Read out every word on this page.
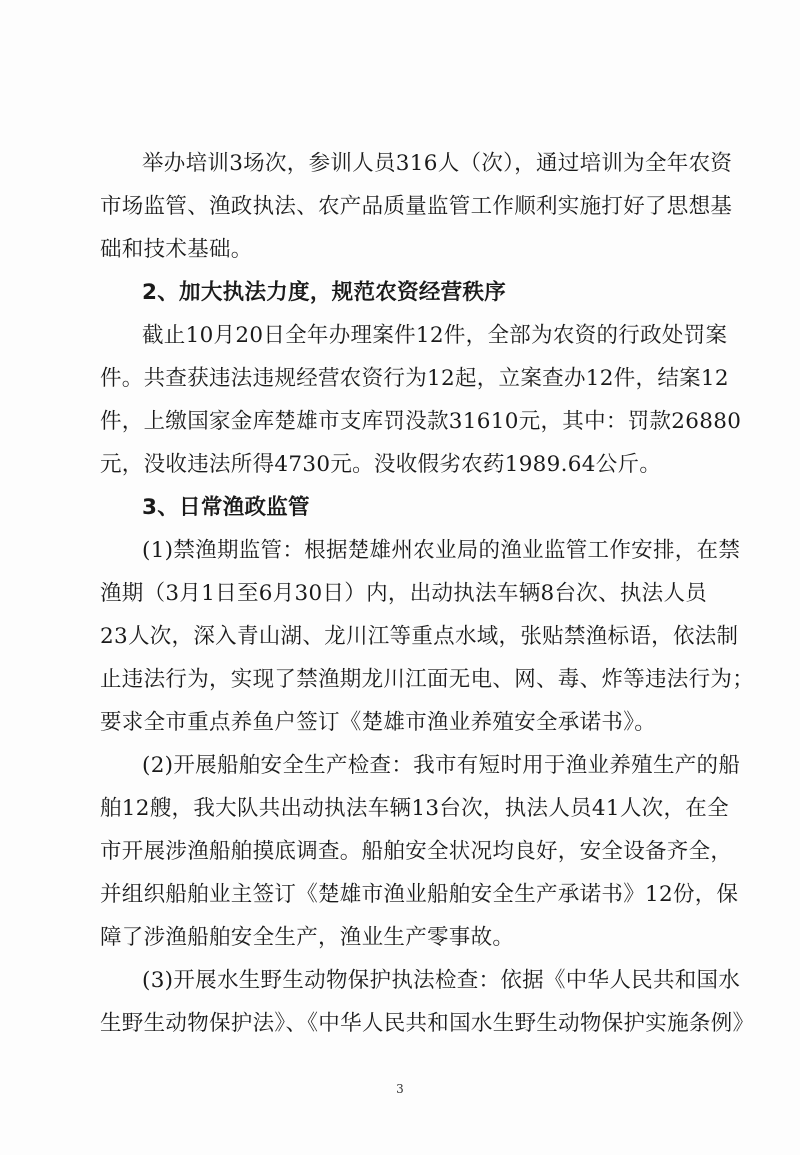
举办培训3场次，参训人员316人（次），通过培训为全年农资
市场监管、渔政执法、农产品质量监管工作顺利实施打好了思想基
础和技术基础。
2、加大执法力度，规范农资经营秩序
截止10月20日全年办理案件12件，全部为农资的行政处罚案
件。共查获违法违规经营农资行为12起，立案查办12件，结案12
件，上缴国家金库楚雄市支库罚没款31610元，其中：罚款26880
元，没收违法所得4730元。没收假劣农药1989.64公斤。
3、日常渔政监管
(1)禁渔期监管：根据楚雄州农业局的渔业监管工作安排，在禁
渔期（3月1日至6月30日）内，出动执法车辆8台次、执法人员
23人次，深入青山湖、龙川江等重点水域，张贴禁渔标语，依法制
止违法行为，实现了禁渔期龙川江面无电、网、毒、炸等违法行为；
要求全市重点养鱼户签订《楚雄市渔业养殖安全承诺书》。
(2)开展船舶安全生产检查：我市有短时用于渔业养殖生产的船
舶12艘，我大队共出动执法车辆13台次，执法人员41人次，在全
市开展涉渔船舶摸底调查。船舶安全状况均良好，安全设备齐全，
并组织船舶业主签订《楚雄市渔业船舶安全生产承诺书》12份，保
障了涉渔船舶安全生产，渔业生产零事故。
(3)开展水生野生动物保护执法检查：依据《中华人民共和国水
生野生动物保护法》、《中华人民共和国水生野生动物保护实施条例》
3
